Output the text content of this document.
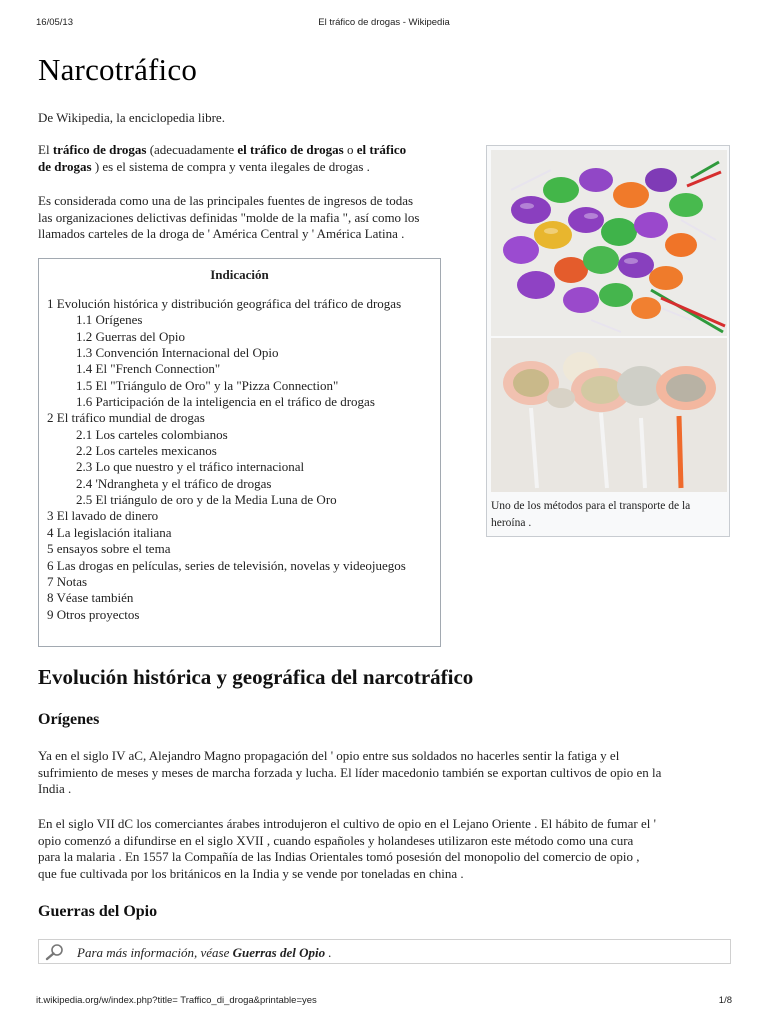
16/05/13	El tráfico de drogas - Wikipedia
Narcotráfico

De Wikipedia, la enciclopedia libre.

El tráfico de drogas (adecuadamente el tráfico de drogas o el tráfico
de drogas ) es el sistema de compra y venta ilegales de drogas .

Es considerada como una de las principales fuentes de ingresos de todas
las organizaciones delictivas definidas "molde de la mafia ", así como los
llamados carteles de la droga de ' América Central y ' América Latina .

Uno de los métodos para el transporte de la
heroína .
Indicación
1 Evolución histórica y distribución geográfica del tráfico de drogas
1.1 Orígenes
1.2 Guerras del Opio
1.3 Convención Internacional del Opio
1.4 El "French Connection"
1.5 El "Triángulo de Oro" y la "Pizza Connection"
1.6 Participación de la inteligencia en el tráfico de drogas
2 El tráfico mundial de drogas
2.1 Los carteles colombianos
2.2 Los carteles mexicanos
2.3 Lo que nuestro y el tráfico internacional
2.4 'Ndrangheta y el tráfico de drogas
2.5 El triángulo de oro y de la Media Luna de Oro
3 El lavado de dinero
4 La legislación italiana
5 ensayos sobre el tema
6 Las drogas en películas, series de televisión, novelas y videojuegos
7 Notas
8 Véase también
9 Otros proyectos
Evolución histórica y geográfica del narcotráfico
Orígenes

Ya en el siglo IV aC, Alejandro Magno propagación del ' opio entre sus soldados no hacerles sentir la fatiga y el
sufrimiento de meses y meses de marcha forzada y lucha. El líder macedonio también se exportan cultivos de opio en la
India .

En el siglo VII dC los comerciantes árabes introdujeron el cultivo de opio en el Lejano Oriente . El hábito de fumar el '
opio comenzó a difundirse en el siglo XVII , cuando españoles y holandeses utilizaron este método como una cura
para la malaria . En 1557 la Compañía de las Indias Orientales tomó posesión del monopolio del comercio de opio ,
que fue cultivada por los británicos en la India y se vende por toneladas en china .

Guerras del Opio
Para más información, véase Guerras del Opio .
it.wikipedia.org/w/index.php?title= Traffico_di_droga&printable=yes	1/8
